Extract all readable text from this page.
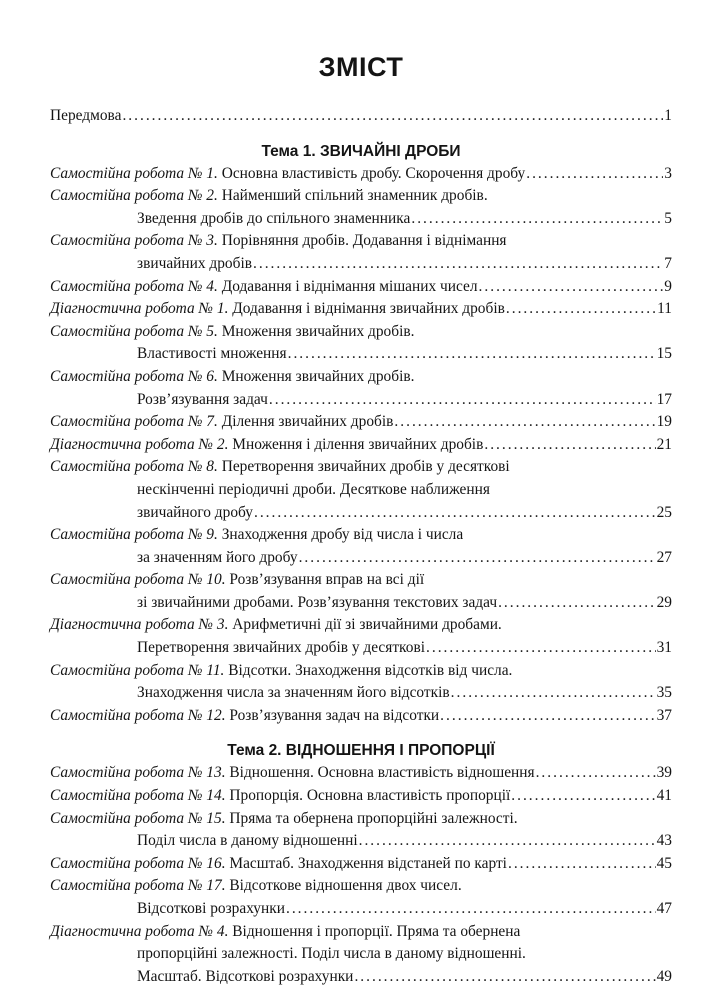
ЗМІСТ
Передмова .....	1
Тема 1. ЗВИЧАЙНІ ДРОБИ
Самостійна робота № 1.
Основна властивість дробу. Скорочення дробу .....	3
Самостійна робота № 2.
Найменший спільний знаменник дробів.
Зведення дробів до спільного знаменника .....	5
Самостійна робота № 3.
Порівняння дробів. Додавання і віднімання
звичайних дробів .....	7
Самостійна робота № 4.
Додавання і віднімання мішаних чисел .....	9
Діагностична робота № 1.
Додавання і віднімання звичайних дробів .....	11
Самостійна робота № 5.
Множення звичайних дробів.
Властивості множення .....	15
Самостійна робота № 6.
Множення звичайних дробів.
Розв’язування задач .....	17
Самостійна робота № 7.
Ділення звичайних дробів .....	19
Діагностична робота № 2.
Множення і ділення звичайних дробів .....	21
Самостійна робота № 8.
Перетворення звичайних дробів у десяткові
нескінченні періодичні дроби. Десяткове наближення
звичайного дробу .....	25
Самостійна робота № 9.
Знаходження дробу від числа і числа
за значенням його дробу .....	27
Самостійна робота № 10.
Розв’язування вправ на всі дії
зі звичайними дробами. Розв’язування текстових задач .....	29
Діагностична робота № 3.
Арифметичні дії зі звичайними дробами.
Перетворення звичайних дробів у десяткові .....	31
Самостійна робота № 11.
Відсотки. Знаходження відсотків від числа.
Знаходження числа за значенням його відсотків .....	35
Самостійна робота № 12.
Розв’язування задач на відсотки .....	37
Тема 2. ВІДНОШЕННЯ І ПРОПОРЦІЇ
Самостійна робота № 13.
Відношення. Основна властивість відношення .....	39
Самостійна робота № 14.
Пропорція. Основна властивість пропорції .....	41
Самостійна робота № 15.
Пряма та обернена пропорційні залежності.
Поділ числа в даному відношенні .....	43
Самостійна робота № 16.
Масштаб. Знаходження відстаней по карті .....	45
Самостійна робота № 17.
Відсоткове відношення двох чисел.
Відсоткові розрахунки .....	47
Діагностична робота № 4.
Відношення і пропорції. Пряма та обернена
пропорційні залежності. Поділ числа в даному відношенні.
Масштаб. Відсоткові розрахунки .....	49
